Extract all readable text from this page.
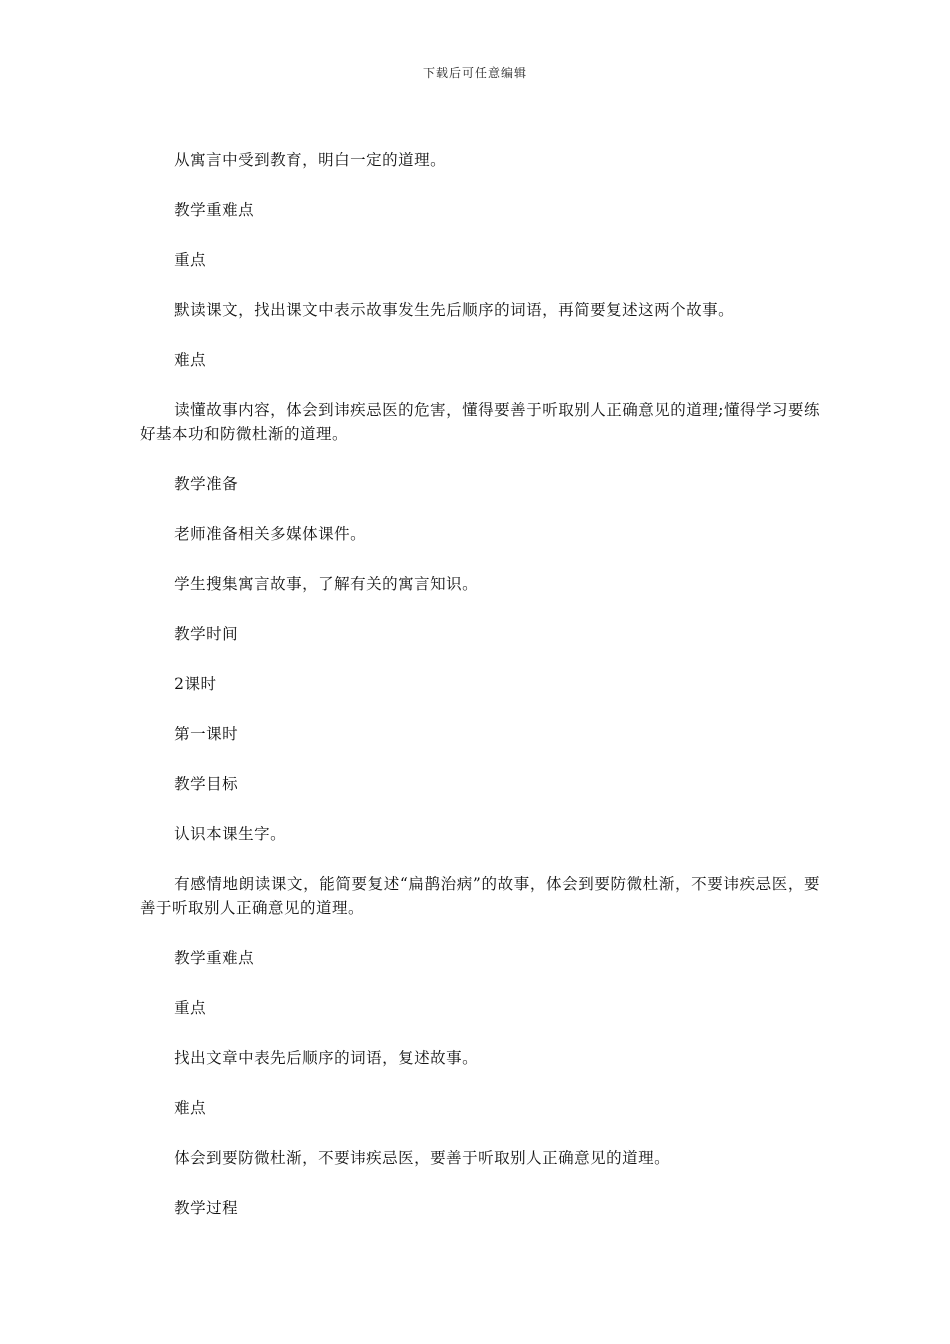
下载后可任意编辑

从寓言中受到教育，明白一定的道理。

教学重难点

重点

默读课文，找出课文中表示故事发生先后顺序的词语，再简要复述这两个故事。

难点

读懂故事内容，体会到讳疾忌医的危害，懂得要善于听取别人正确意见的道理;懂得学习要练好基本功和防微杜渐的道理。

教学准备

老师准备相关多媒体课件。

学生搜集寓言故事，了解有关的寓言知识。

教学时间

2课时

第一课时

教学目标

认识本课生字。

有感情地朗读课文，能简要复述“扁鹊治病”的故事，体会到要防微杜渐，不要讳疾忌医，要善于听取别人正确意见的道理。

教学重难点

重点

找出文章中表先后顺序的词语，复述故事。

难点

体会到要防微杜渐，不要讳疾忌医，要善于听取别人正确意见的道理。

教学过程
